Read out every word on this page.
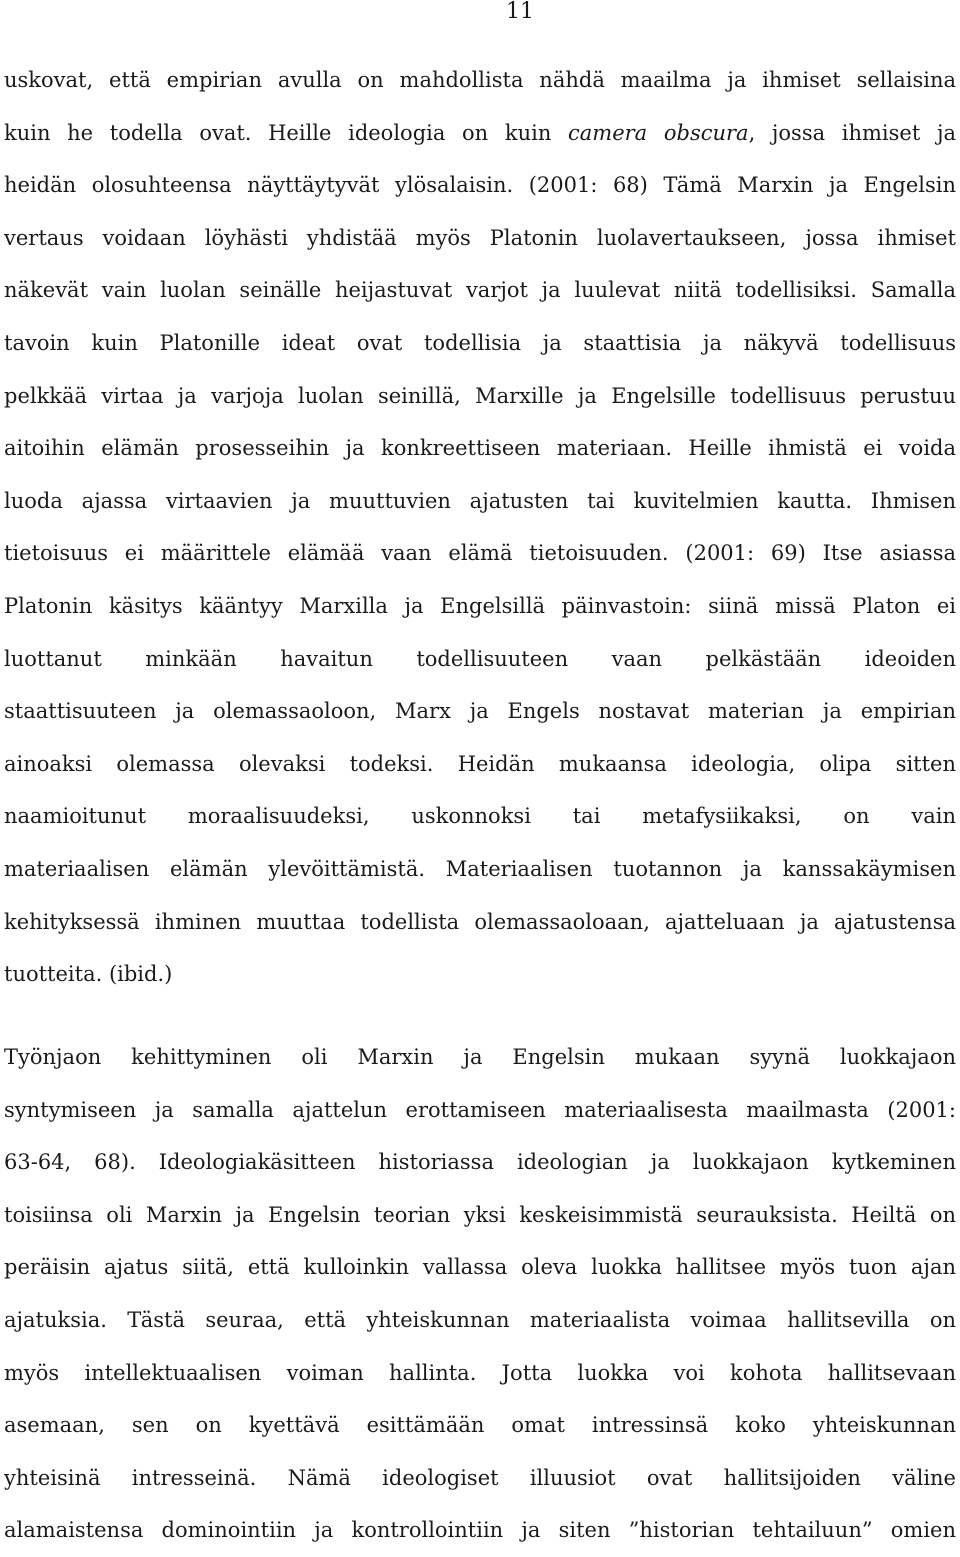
11
uskovat, että empirian avulla on mahdollista nähdä maailma ja ihmiset sellaisina
kuin he todella ovat. Heille ideologia on kuin camera obscura, jossa ihmiset ja
heidän olosuhteensa näyttäytyvät ylösalaisin. (2001: 68) Tämä Marxin ja Engelsin
vertaus voidaan löyhästi yhdistää myös Platonin luolavertaukseen, jossa ihmiset
näkevät vain luolan seinälle heijastuvat varjot ja luulevat niitä todellisiksi. Samalla
tavoin kuin Platonille ideat ovat todellisia ja staattisia ja näkyvä todellisuus
pelkkää virtaa ja varjoja luolan seinillä, Marxille ja Engelsille todellisuus perustuu
aitoihin elämän prosesseihin ja konkreettiseen materiaan. Heille ihmistä ei voida
luoda ajassa virtaavien ja muuttuvien ajatusten tai kuvitelmien kautta. Ihmisen
tietoisuus ei määrittele elämää vaan elämä tietoisuuden. (2001: 69) Itse asiassa
Platonin käsitys kääntyy Marxilla ja Engelsillä päinvastoin: siinä missä Platon ei
luottanut minkään havaitun todellisuuteen vaan pelkästään ideoiden
staattisuuteen ja olemassaoloon, Marx ja Engels nostavat materian ja empirian
ainoaksi olemassa olevaksi todeksi. Heidän mukaansa ideologia, olipa sitten
naamioitunut moraalisuudeksi, uskonnoksi tai metafysiikaksi, on vain
materiaalisen elämän ylevöittämistä. Materiaalisen tuotannon ja kanssakäymisen
kehityksessä ihminen muuttaa todellista olemassaoloaan, ajatteluaan ja ajatustensa
tuotteita. (ibid.)
Työnjaon kehittyminen oli Marxin ja Engelsin mukaan syynä luokkajaon
syntymiseen ja samalla ajattelun erottamiseen materiaalisesta maailmasta (2001:
63-64, 68). Ideologiakäsitteen historiassa ideologian ja luokkajaon kytkeminen
toisiinsa oli Marxin ja Engelsin teorian yksi keskeisimmistä seurauksista. Heiltä on
peräisin ajatus siitä, että kulloinkin vallassa oleva luokka hallitsee myös tuon ajan
ajatuksia. Tästä seuraa, että yhteiskunnan materiaalista voimaa hallitsevilla on
myös intellektuaalisen voiman hallinta. Jotta luokka voi kohota hallitsevaan
asemaan, sen on kyettävä esittämään omat intressinsä koko yhteiskunnan
yhteisinä intresseinä. Nämä ideologiset illuusiot ovat hallitsijoiden väline
alamaistensa dominointiin ja kontrollointiin ja siten ”historian tehtailuun” omien
